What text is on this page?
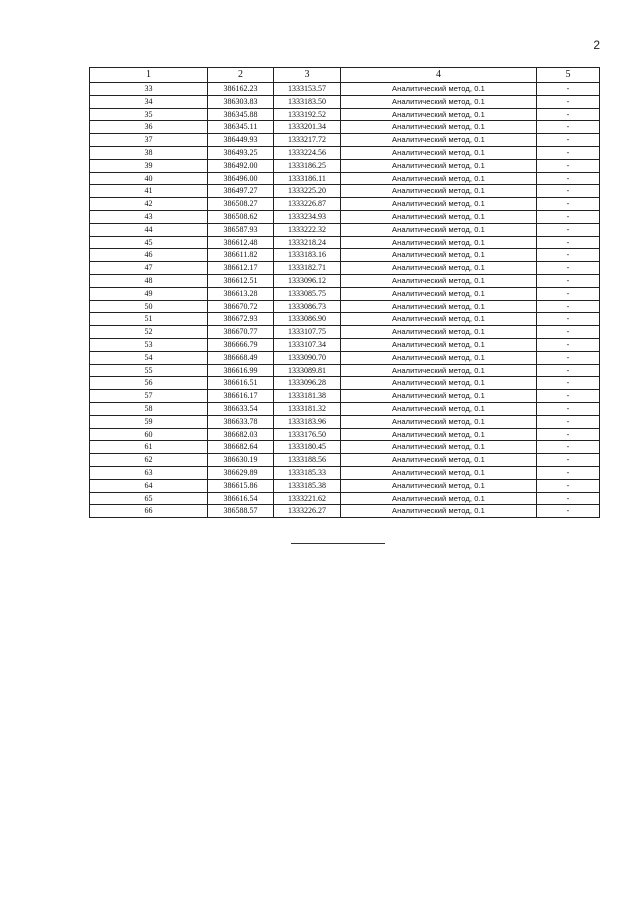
2
1	2	3	4	5
33	386162.23	1333153.57	Аналитический метод, 0.1	-
34	386303.83	1333183.50	Аналитический метод, 0.1	-
35	386345.88	1333192.52	Аналитический метод, 0.1	-
36	386345.11	1333201.34	Аналитический метод, 0.1	-
37	386449.93	1333217.72	Аналитический метод, 0.1	-
38	386493.25	1333224.56	Аналитический метод, 0.1	-
39	386492.00	1333186.25	Аналитический метод, 0.1	-
40	386496.00	1333186.11	Аналитический метод, 0.1	-
41	386497.27	1333225.20	Аналитический метод, 0.1	-
42	386508.27	1333226.87	Аналитический метод, 0.1	-
43	386508.62	1333234.93	Аналитический метод, 0.1	-
44	386587.93	1333222.32	Аналитический метод, 0.1	-
45	386612.48	1333218.24	Аналитический метод, 0.1	-
46	386611.82	1333183.16	Аналитический метод, 0.1	-
47	386612.17	1333182.71	Аналитический метод, 0.1	-
48	386612.51	1333096.12	Аналитический метод, 0.1	-
49	386613.28	1333085.75	Аналитический метод, 0.1	-
50	386670.72	1333086.73	Аналитический метод, 0.1	-
51	386672.93	1333086.90	Аналитический метод, 0.1	-
52	386670.77	1333107.75	Аналитический метод, 0.1	-
53	386666.79	1333107.34	Аналитический метод, 0.1	-
54	386668.49	1333090.70	Аналитический метод, 0.1	-
55	386616.99	1333089.81	Аналитический метод, 0.1	-
56	386616.51	1333096.28	Аналитический метод, 0.1	-
57	386616.17	1333181.38	Аналитический метод, 0.1	-
58	386633.54	1333181.32	Аналитический метод, 0.1	-
59	386633.78	1333183.96	Аналитический метод, 0.1	-
60	386682.03	1333176.50	Аналитический метод, 0.1	-
61	386682.64	1333180.45	Аналитический метод, 0.1	-
62	386630.19	1333188.56	Аналитический метод, 0.1	-
63	386629.89	1333185.33	Аналитический метод, 0.1	-
64	386615.86	1333185.38	Аналитический метод, 0.1	-
65	386616.54	1333221.62	Аналитический метод, 0.1	-
66	386588.57	1333226.27	Аналитический метод, 0.1	-
